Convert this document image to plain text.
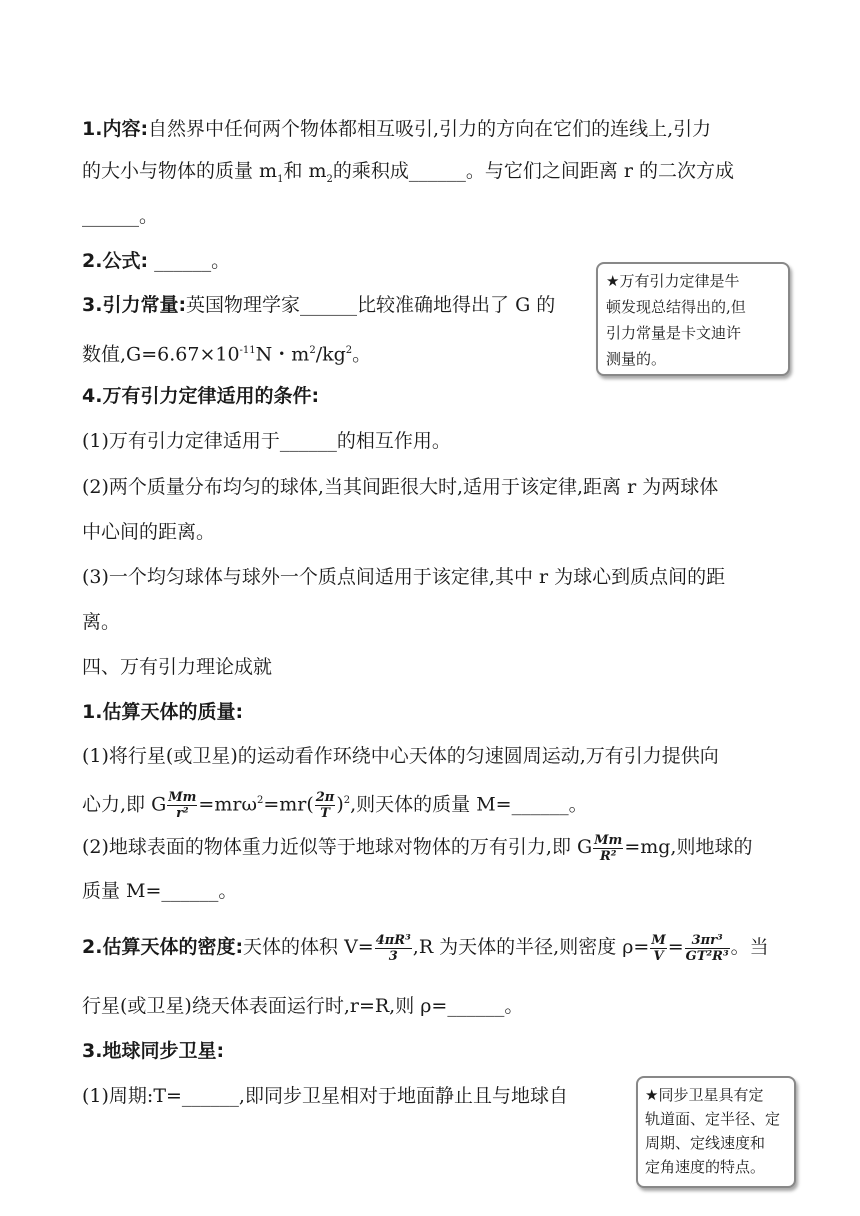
1.内容:自然界中任何两个物体都相互吸引,引力的方向在它们的连线上,引力
的大小与物体的质量 $m_1$和 $m_2$的乘积成______。与它们之间距离 r 的二次方成
______。
2.公式: ______。
3.引力常量:英国物理学家______比较准确地得出了 G 的
数值$,G=6.67\times 10^{-11}N$・$m^2/kg^2$。
★万有引力定律是牛
顿发现总结得出的,但
引力常量是卡文迪许
测量的。
4.万有引力定律适用的条件:
(1)万有引力定律适用于______的相互作用。
(2)两个质量分布均匀的球体,当其间距很大时,适用于该定律,距离 r 为两球体
中心间的距离。
(3)一个均匀球体与球外一个质点间适用于该定律,其中 r 为球心到质点间的距
离。
四、万有引力理论成就
1.估算天体的质量:
(1)将行星(或卫星)的运动看作环绕中心天体的匀速圆周运动,万有引力提供向
心力,即 G $\frac{Mm}{\text{r²}} =mr\omega^2=mr( \frac{2\pi}{T} )^2$,则天体的质量 M=______。
(2)地球表面的物体重力近似等于地球对物体的万有引力,即 G $\frac{Mm}{\text{R²}} =mg$,则地球的
质量 M=______。
2.估算天体的密度:天体的体积 $V= \frac{\text{4πR³}}{3} ,R$ 为天体的半径,则密度 $\rho= \frac{M}{V} = \frac{\text{3πr³}}{\text{GT²R³}}$ 。当
行星(或卫星)绕天体表面运行时,r=R,则 ρ=______。
3.地球同步卫星:
(1)周期:T=______,即同步卫星相对于地面静止且与地球自	★同步卫星具有定
轨道面、定半径、定
周期、定线速度和
定角速度的特点。
